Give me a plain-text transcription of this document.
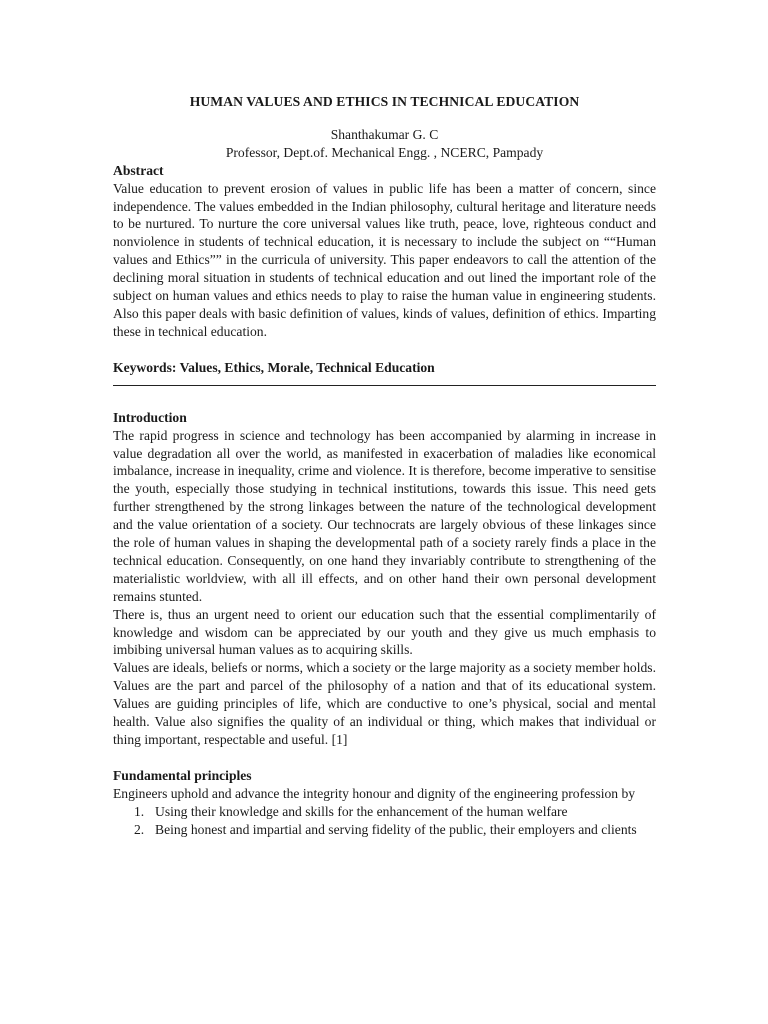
HUMAN VALUES AND ETHICS IN TECHNICAL EDUCATION
Shanthakumar G. C
Professor, Dept.of. Mechanical Engg. , NCERC, Pampady
Abstract

Value education to prevent erosion of values in public life has been a matter of concern, since independence. The values embedded in the Indian philosophy, cultural heritage and literature needs to be nurtured. To nurture the core universal values like truth, peace, love, righteous conduct and nonviolence in students of technical education, it is necessary to include the subject on ““Human values and Ethics”” in the curricula of university. This paper endeavors to call the attention of the declining moral situation in students of technical education and out lined the important role of the subject on human values and ethics needs to play to raise the human value in engineering students. Also this paper deals with basic definition of values, kinds of values, definition of ethics. Imparting these in technical education.

Keywords: Values, Ethics, Morale, Technical Education
Introduction

The rapid progress in science and technology has been accompanied by alarming in increase in value degradation all over the world, as manifested in exacerbation of maladies like economical imbalance, increase in inequality, crime and violence. It is therefore, become imperative to sensitise the youth, especially those studying in technical institutions, towards this issue. This need gets further strengthened by the strong linkages between the nature of the technological development and the value orientation of a society. Our technocrats are largely obvious of these linkages since the role of human values in shaping the developmental path of a society rarely finds a place in the technical education. Consequently, on one hand they invariably contribute to strengthening of the materialistic worldview, with all ill effects, and on other hand their own personal development remains stunted.

There is, thus an urgent need to orient our education such that the essential complimentarily of knowledge and wisdom can be appreciated by our youth and they give us much emphasis to imbibing universal human values as to acquiring skills.

Values are ideals, beliefs or norms, which a society or the large majority as a society member holds. Values are the part and parcel of the philosophy of a nation and that of its educational system. Values are guiding principles of life, which are conductive to one’s physical, social and mental health. Value also signifies the quality of an individual or thing, which makes that individual or thing important, respectable and useful. [1]

Fundamental principles

Engineers uphold and advance the integrity honour and dignity of the engineering profession by

1. Using their knowledge and skills for the enhancement of the human welfare
2. Being honest and impartial and serving fidelity of the public, their employers and clients
